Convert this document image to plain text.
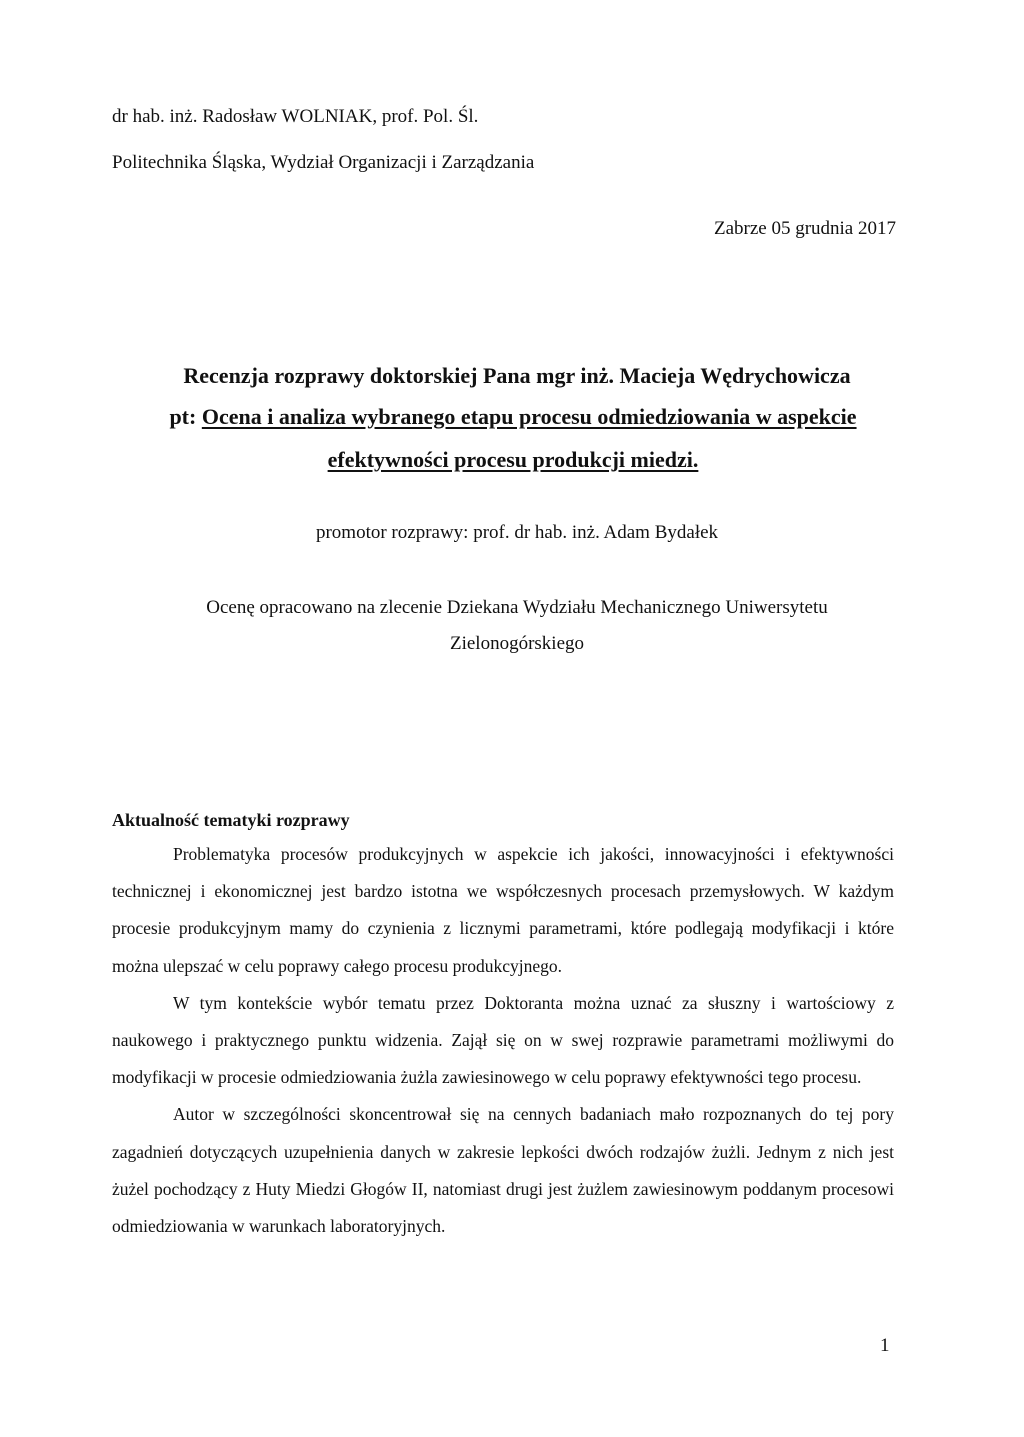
dr hab. inż. Radosław WOLNIAK, prof. Pol. Śl.
Politechnika Śląska, Wydział Organizacji i Zarządzania
Zabrze 05 grudnia 2017
Recenzja rozprawy doktorskiej Pana mgr inż. Macieja Wędrychowicza
pt: Ocena i analiza wybranego etapu procesu odmiedziowania w aspekcie
efektywności procesu produkcji miedzi.
promotor rozprawy: prof. dr hab. inż. Adam Bydałek
Ocenę opracowano na zlecenie Dziekana Wydziału Mechanicznego Uniwersytetu
Zielonogórskiego
Aktualność tematyki rozprawy

Problematyka procesów produkcyjnych w aspekcie ich jakości, innowacyjności i efektywności technicznej i ekonomicznej jest bardzo istotna we współczesnych procesach przemysłowych. W każdym procesie produkcyjnym mamy do czynienia z licznymi parametrami, które podlegają modyfikacji i które można ulepszać w celu poprawy całego procesu produkcyjnego.

W tym kontekście wybór tematu przez Doktoranta można uznać za słuszny i wartościowy z naukowego i praktycznego punktu widzenia. Zajął się on w swej rozprawie parametrami możliwymi do modyfikacji w procesie odmiedziowania żużla zawiesinowego w celu poprawy efektywności tego procesu.

Autor w szczególności skoncentrował się na cennych badaniach mało rozpoznanych do tej pory zagadnień dotyczących uzupełnienia danych w zakresie lepkości dwóch rodzajów żużli. Jednym z nich jest żużel pochodzący z Huty Miedzi Głogów II, natomiast drugi jest żużlem zawiesinowym poddanym procesowi odmiedziowania w warunkach laboratoryjnych.

1
